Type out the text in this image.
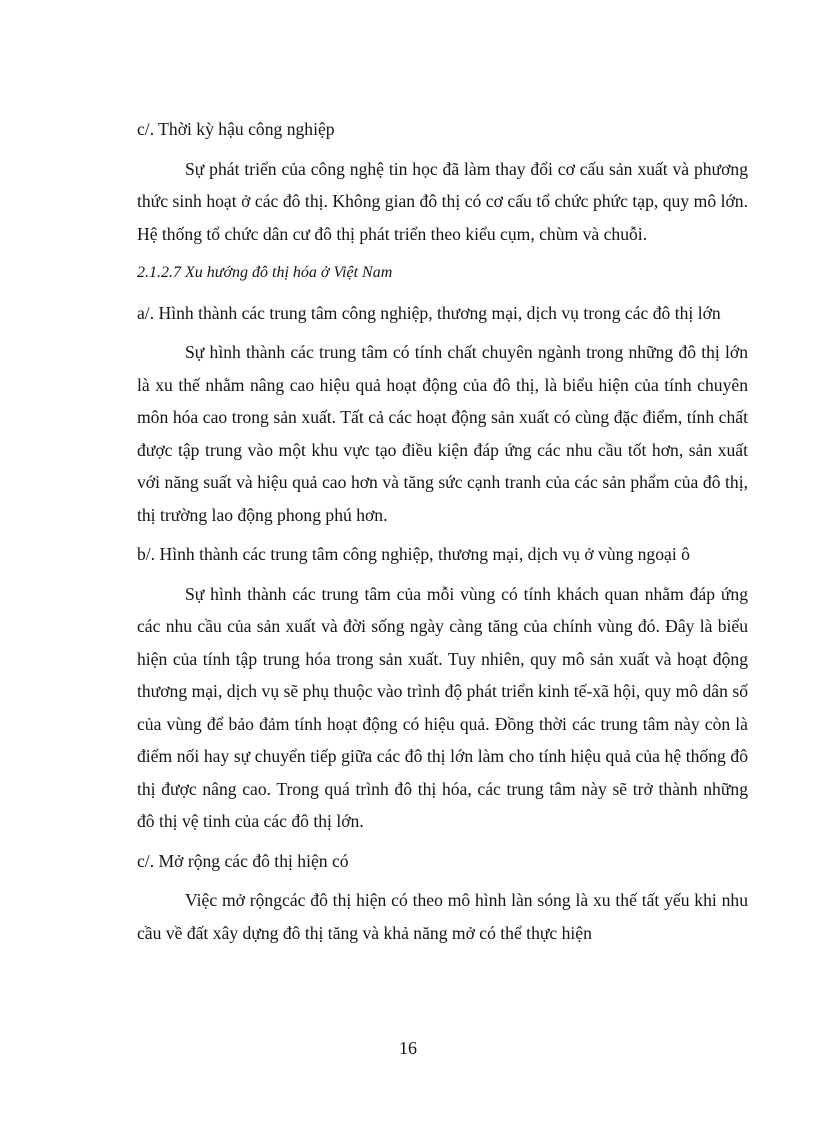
c/. Thời kỳ hậu công nghiệp

Sự phát triển của công nghệ tin học đã làm thay đổi cơ cấu sản xuất và phương thức sinh hoạt ở các đô thị. Không gian đô thị có cơ cấu tổ chức phức tạp, quy mô lớn. Hệ thống tổ chức dân cư đô thị phát triển theo kiểu cụm, chùm và chuỗi.

2.1.2.7 Xu hướng đô thị hóa ở Việt Nam

a/. Hình thành các trung tâm công nghiệp, thương mại, dịch vụ trong các đô thị lớn

Sự hình thành các trung tâm có tính chất chuyên ngành trong những đô thị lớn là xu thế nhằm nâng cao hiệu quả hoạt động của đô thị, là biểu hiện của tính chuyên môn hóa cao trong sản xuất. Tất cả các hoạt động sản xuất có cùng đặc điểm, tính chất được tập trung vào một khu vực tạo điều kiện đáp ứng các nhu cầu tốt hơn, sản xuất với năng suất và hiệu quả cao hơn và tăng sức cạnh tranh của các sản phẩm của đô thị, thị trường lao động phong phú hơn.

b/. Hình thành các trung tâm công nghiệp, thương mại, dịch vụ ở vùng ngoại ô

Sự hình thành các trung tâm của mỗi vùng có tính khách quan nhằm đáp ứng các nhu cầu của sản xuất và đời sống ngày càng tăng của chính vùng đó. Đây là biểu hiện của tính tập trung hóa trong sản xuất. Tuy nhiên, quy mô sản xuất và hoạt động thương mại, dịch vụ sẽ phụ thuộc vào trình độ phát triển kinh tế-xã hội, quy mô dân số của vùng để bảo đảm tính hoạt động có hiệu quả. Đồng thời các trung tâm này còn là điểm nối hay sự chuyển tiếp giữa các đô thị lớn làm cho tính hiệu quả của hệ thống đô thị được nâng cao. Trong quá trình đô thị hóa, các trung tâm này sẽ trở thành những đô thị vệ tinh của các đô thị lớn.

c/. Mở rộng các đô thị hiện có

Việc mở rộngcác đô thị hiện có theo mô hình làn sóng là xu thế tất yếu khi nhu cầu về đất xây dựng đô thị tăng và khả năng mở có thể thực hiện

16
